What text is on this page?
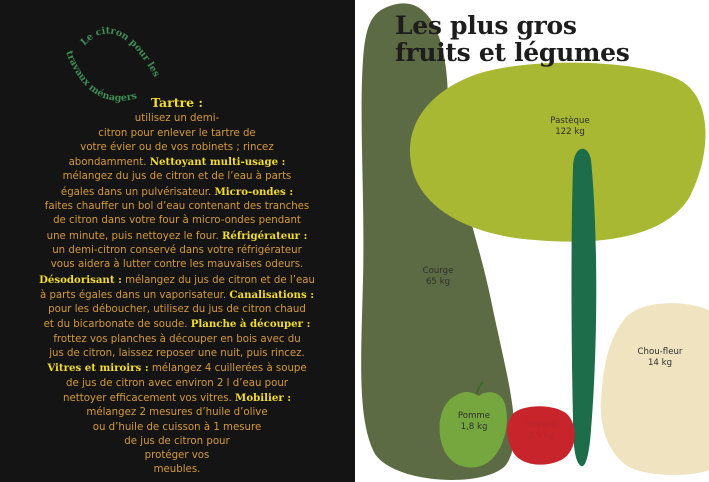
Le citron pour les
travaux ménagers	Tartre :
utilisez un demi-
citron pour enlever le tartre de
votre évier ou de vos robinets ; rincez
abondamment. Nettoyant multi-usage :
mélangez du jus de citron et de l’eau à parts
égales dans un pulvérisateur. Micro-ondes :
faites chauffer un bol d’eau contenant des tranches
de citron dans votre four à micro-ondes pendant
une minute, puis nettoyez le four. Réfrigérateur :
un demi-citron conservé dans votre réfrigérateur
vous aidera à lutter contre les mauvaises odeurs.
Désodorisant : mélangez du jus de citron et de l’eau
à parts égales dans un vaporisateur. Canalisations :
pour les déboucher, utilisez du jus de citron chaud
et du bicarbonate de soude. Planche à découper :
frottez vos planches à découper en bois avec du
jus de citron, laissez reposer une nuit, puis rincez.
Vitres et miroirs : mélangez 4 cuillerées à soupe
de jus de citron avec environ 2 l d’eau pour
nettoyer efficacement vos vitres. Mobilier :
mélangez 2 mesures d’huile d’olive
ou d’huile de cuisson à 1 mesure
de jus de citron pour
protéger vos
meubles.
Les plus gros
fruits et légumes
Courge
65 kg
Pastèque
122 kg
Chou-fleur
14 kg
Pomme
1,8 kg	Tomate
3,5 kg
Concombre 1,16 m
